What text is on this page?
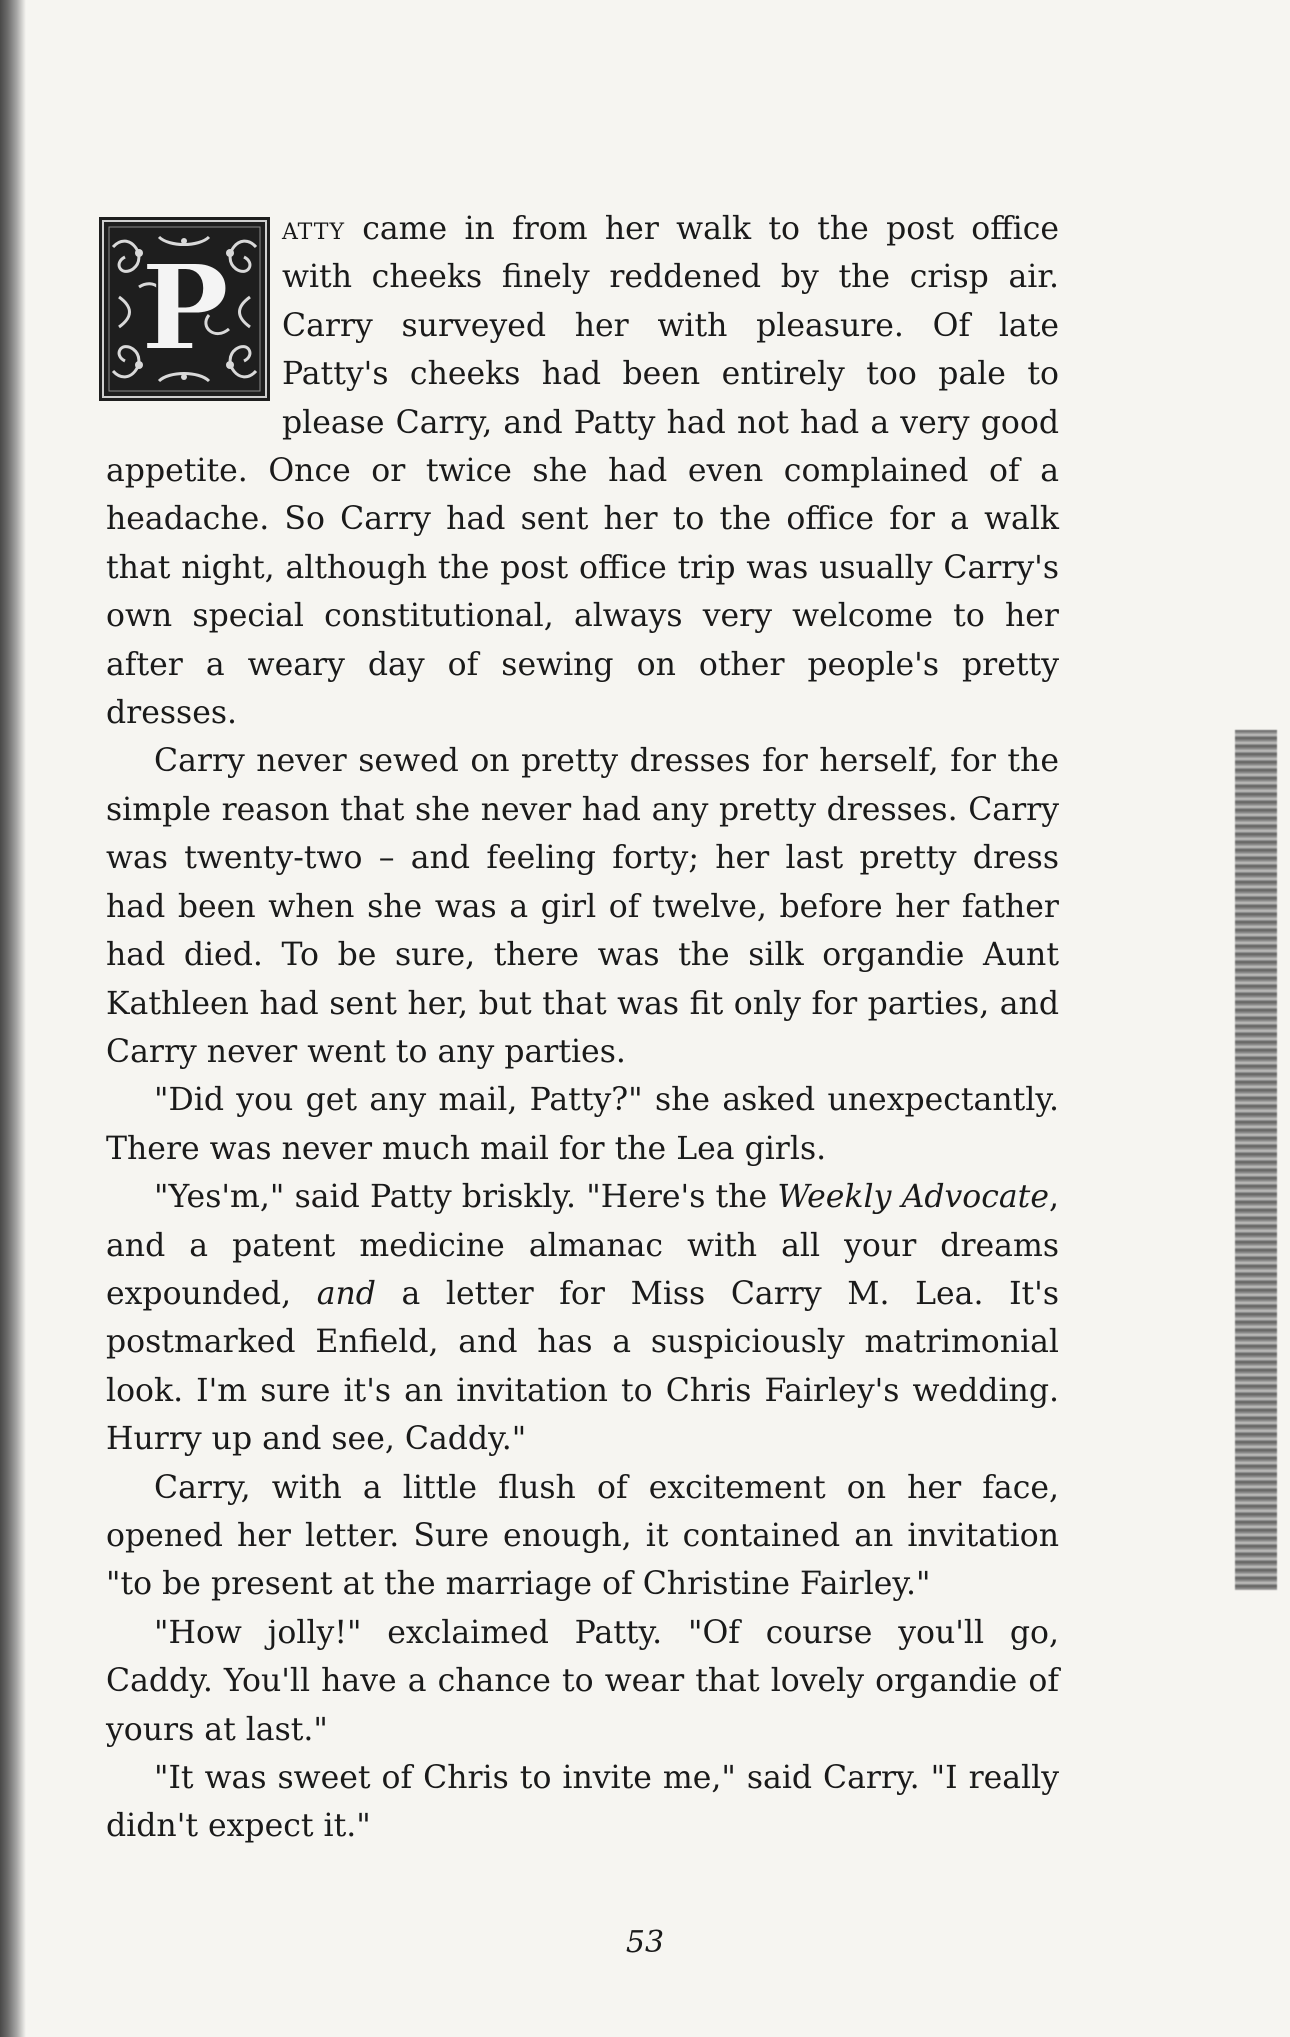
P
atty came in from her walk to the post office with cheeks finely reddened by the crisp air. Carry surveyed her with pleasure. Of late Patty's cheeks had been entirely too pale to please Carry, and Patty had not had a very good appetite. Once or twice she had even complained of a headache. So Carry had sent her to the office for a walk that night, although the post office trip was usually Carry's own special constitutional, always very welcome to her after a weary day of sewing on other people's pretty dresses.

Carry never sewed on pretty dresses for herself, for the simple reason that she never had any pretty dresses. Carry was twenty-two – and feeling forty; her last pretty dress had been when she was a girl of twelve, before her father had died. To be sure, there was the silk organdie Aunt Kathleen had sent her, but that was fit only for parties, and Carry never went to any parties.

"Did you get any mail, Patty?" she asked unexpectantly. There was never much mail for the Lea girls.

"Yes'm," said Patty briskly. "Here's the Weekly Advocate, and a patent medicine almanac with all your dreams expounded, and a letter for Miss Carry M. Lea. It's postmarked Enfield, and has a suspiciously matrimonial look. I'm sure it's an invitation to Chris Fairley's wedding. Hurry up and see, Caddy."

Carry, with a little flush of excitement on her face, opened her letter. Sure enough, it contained an invitation "to be present at the marriage of Christine Fairley."

"How jolly!" exclaimed Patty. "Of course you'll go, Caddy. You'll have a chance to wear that lovely organdie of yours at last."

"It was sweet of Chris to invite me," said Carry. "I really didn't expect it."

53
